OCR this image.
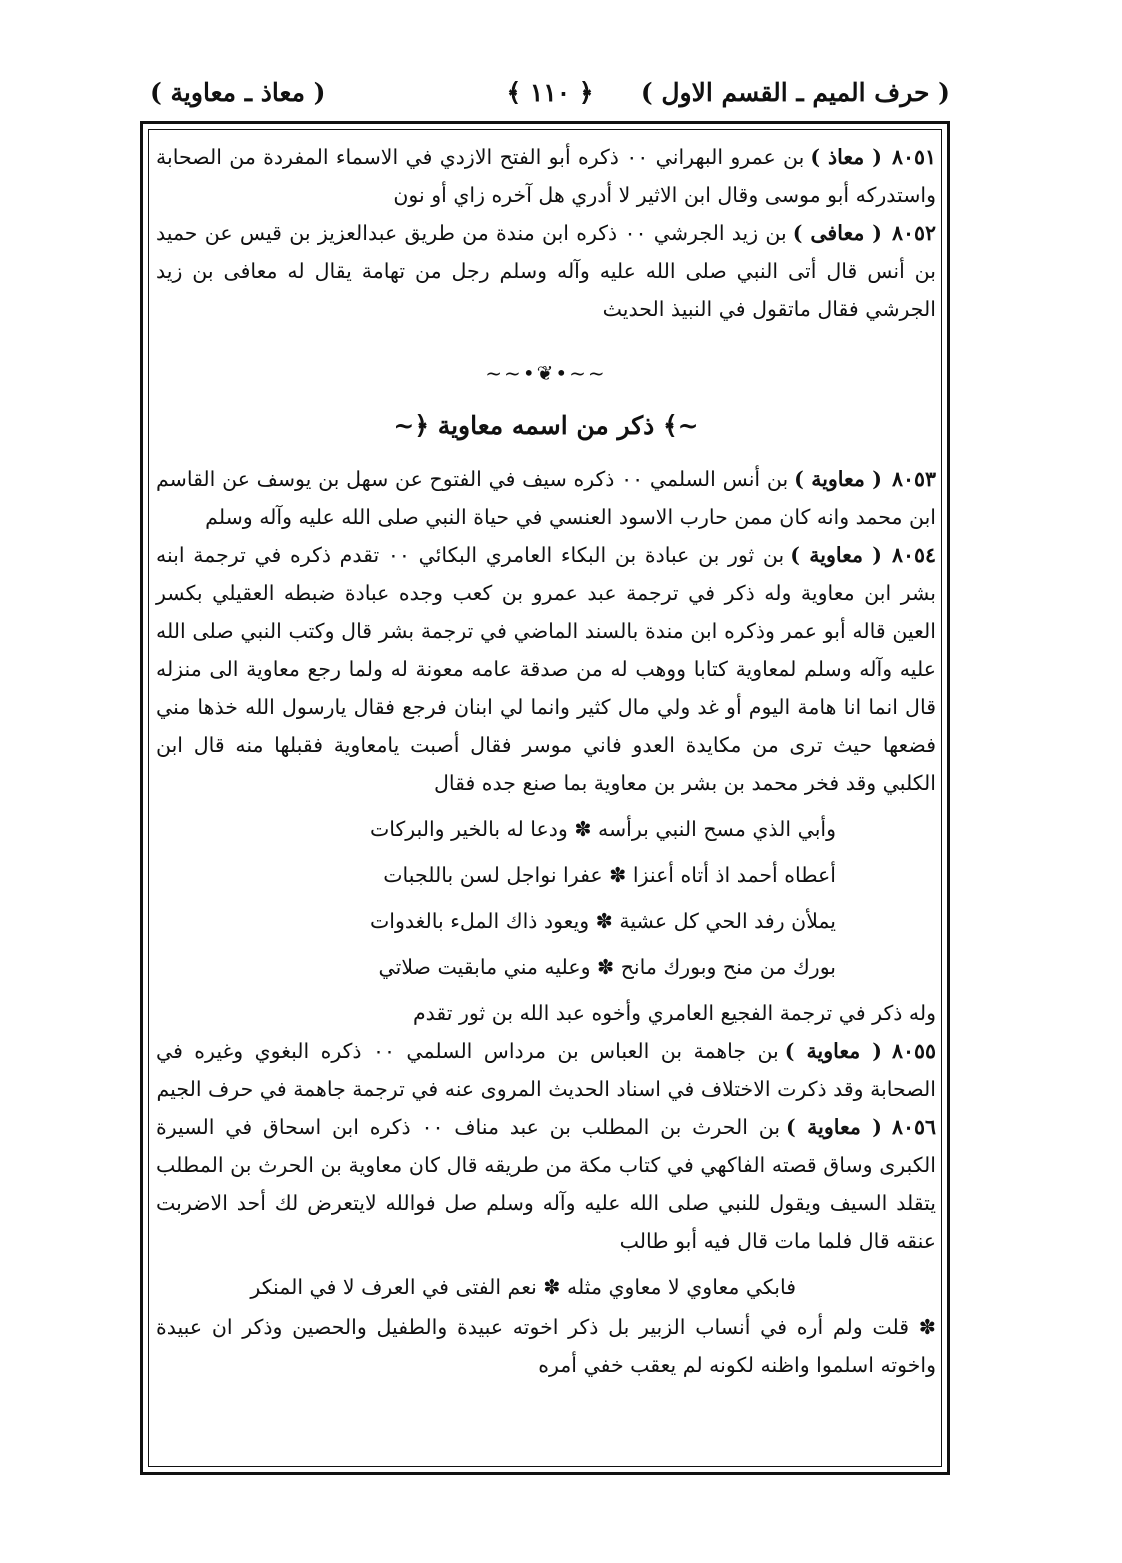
( حرف الميم ـ القسم الاول )
﴿ ١١٠ ﴾
( معاذ ـ معاوية )

٨٠٥١( معاذ )بن عمرو البهراني ٠٠ ذكره أبو الفتح الازدي في الاسماء المفردة من الصحابة واستدركه أبو موسى وقال ابن الاثير لا أدري هل آخره زاي أو نون

٨٠٥٢( معافى )بن زيد الجرشي ٠٠ ذكره ابن مندة من طريق عبدالعزيز بن قيس عن حميد بن أنس قال أتى النبي صلى الله عليه وآله وسلم رجل من تهامة يقال له معافى بن زيد الجرشي فقال ماتقول في النبيذ الحديث

~~•❦•~~
~﴾ ذكر من اسمه معاوية ﴿~

٨٠٥٣( معاوية )بن أنس السلمي ٠٠ ذكره سيف في الفتوح عن سهل بن يوسف عن القاسم ابن محمد وانه كان ممن حارب الاسود العنسي في حياة النبي صلى الله عليه وآله وسلم

٨٠٥٤( معاوية )بن ثور بن عبادة بن البكاء العامري البكائي ٠٠ تقدم ذكره في ترجمة ابنه بشر ابن معاوية وله ذكر في ترجمة عبد عمرو بن كعب وجده عبادة ضبطه العقيلي بكسر العين قاله أبو عمر وذكره ابن مندة بالسند الماضي في ترجمة بشر قال وكتب النبي صلى الله عليه وآله وسلم لمعاوية كتابا ووهب له من صدقة عامه معونة له ولما رجع معاوية الى منزله قال انما انا هامة اليوم أو غد ولي مال كثير وانما لي ابنان فرجع فقال يارسول الله خذها مني فضعها حيث ترى من مكايدة العدو فاني موسر فقال أصبت يامعاوية فقبلها منه قال ابن الكلبي وقد فخر محمد بن بشر بن معاوية بما صنع جده فقال

وأبي الذي مسح النبي برأسه ✽ ودعا له بالخير والبركات
أعطاه أحمد اذ أتاه أعنزا ✽ عفرا نواجل لسن باللجبات
يملأن رفد الحي كل عشية ✽ ويعود ذاك الملء بالغدوات
بورك من منح وبورك مانح ✽ وعليه مني مابقيت صلاتي

وله ذكر في ترجمة الفجيع العامري وأخوه عبد الله بن ثور تقدم

٨٠٥٥( معاوية )بن جاهمة بن العباس بن مرداس السلمي ٠٠ ذكره البغوي وغيره في الصحابة وقد ذكرت الاختلاف في اسناد الحديث المروى عنه في ترجمة جاهمة في حرف الجيم

٨٠٥٦( معاوية )بن الحرث بن المطلب بن عبد مناف ٠٠ ذكره ابن اسحاق في السيرة الكبرى وساق قصته الفاكهي في كتاب مكة من طريقه قال كان معاوية بن الحرث بن المطلب يتقلد السيف ويقول للنبي صلى الله عليه وآله وسلم صل فوالله لايتعرض لك أحد الاضربت عنقه قال فلما مات قال فيه أبو طالب

فابكي معاوي لا معاوي مثله ✽ نعم الفتى في العرف لا في المنكر

✽ قلت ولم أره في أنساب الزبير بل ذكر اخوته عبيدة والطفيل والحصين وذكر ان عبيدة واخوته اسلموا واظنه لكونه لم يعقب خفي أمره
